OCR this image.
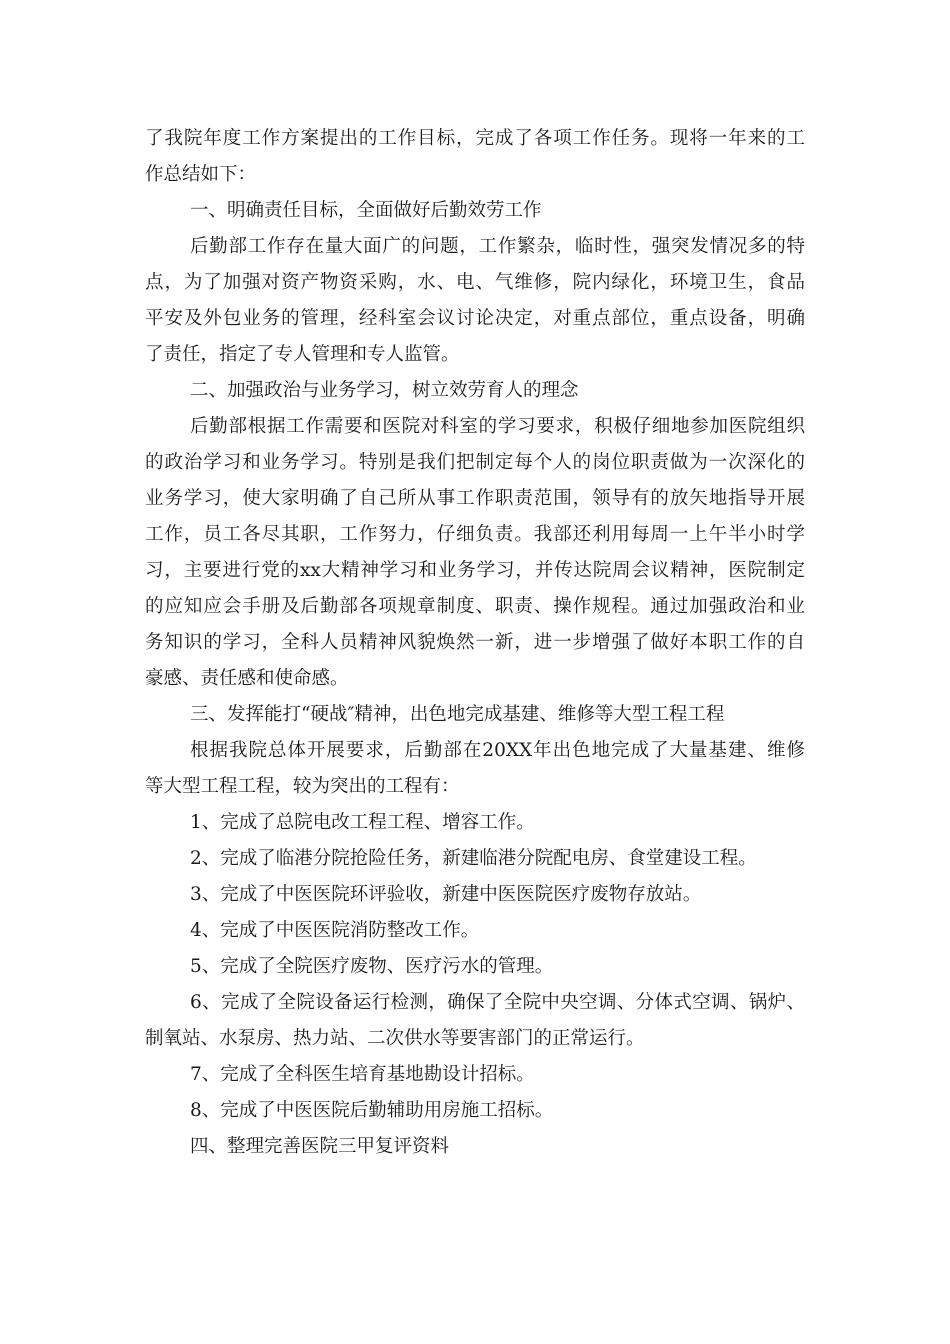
了我院年度工作方案提出的工作目标，完成了各项工作任务。现将一年来的工
作总结如下：
一、明确责任目标，全面做好后勤效劳工作
后勤部工作存在量大面广的问题，工作繁杂，临时性，强突发情况多的特
点，为了加强对资产物资采购，水、电、气维修，院内绿化，环境卫生，食品
平安及外包业务的管理，经科室会议讨论决定，对重点部位，重点设备，明确
了责任，指定了专人管理和专人监管。
二、加强政治与业务学习，树立效劳育人的理念
后勤部根据工作需要和医院对科室的学习要求，积极仔细地参加医院组织
的政治学习和业务学习。特别是我们把制定每个人的岗位职责做为一次深化的
业务学习，使大家明确了自己所从事工作职责范围，领导有的放矢地指导开展
工作，员工各尽其职，工作努力，仔细负责。我部还利用每周一上午半小时学
习，主要进行党的xx大精神学习和业务学习，并传达院周会议精神，医院制定
的应知应会手册及后勤部各项规章制度、职责、操作规程。通过加强政治和业
务知识的学习，全科人员精神风貌焕然一新，进一步增强了做好本职工作的自
豪感、责任感和使命感。
三、发挥能打“硬战″精神，出色地完成基建、维修等大型工程工程
根据我院总体开展要求，后勤部在20XX年出色地完成了大量基建、维修
等大型工程工程，较为突出的工程有：
1、完成了总院电改工程工程、增容工作。
2、完成了临港分院抢险任务，新建临港分院配电房、食堂建设工程。
3、完成了中医医院环评验收，新建中医医院医疗废物存放站。
4、完成了中医医院消防整改工作。
5、完成了全院医疗废物、医疗污水的管理。
6、完成了全院设备运行检测，确保了全院中央空调、分体式空调、锅炉、
制氧站、水泵房、热力站、二次供水等要害部门的正常运行。
7、完成了全科医生培育基地勘设计招标。
8、完成了中医医院后勤辅助用房施工招标。
四、整理完善医院三甲复评资料
